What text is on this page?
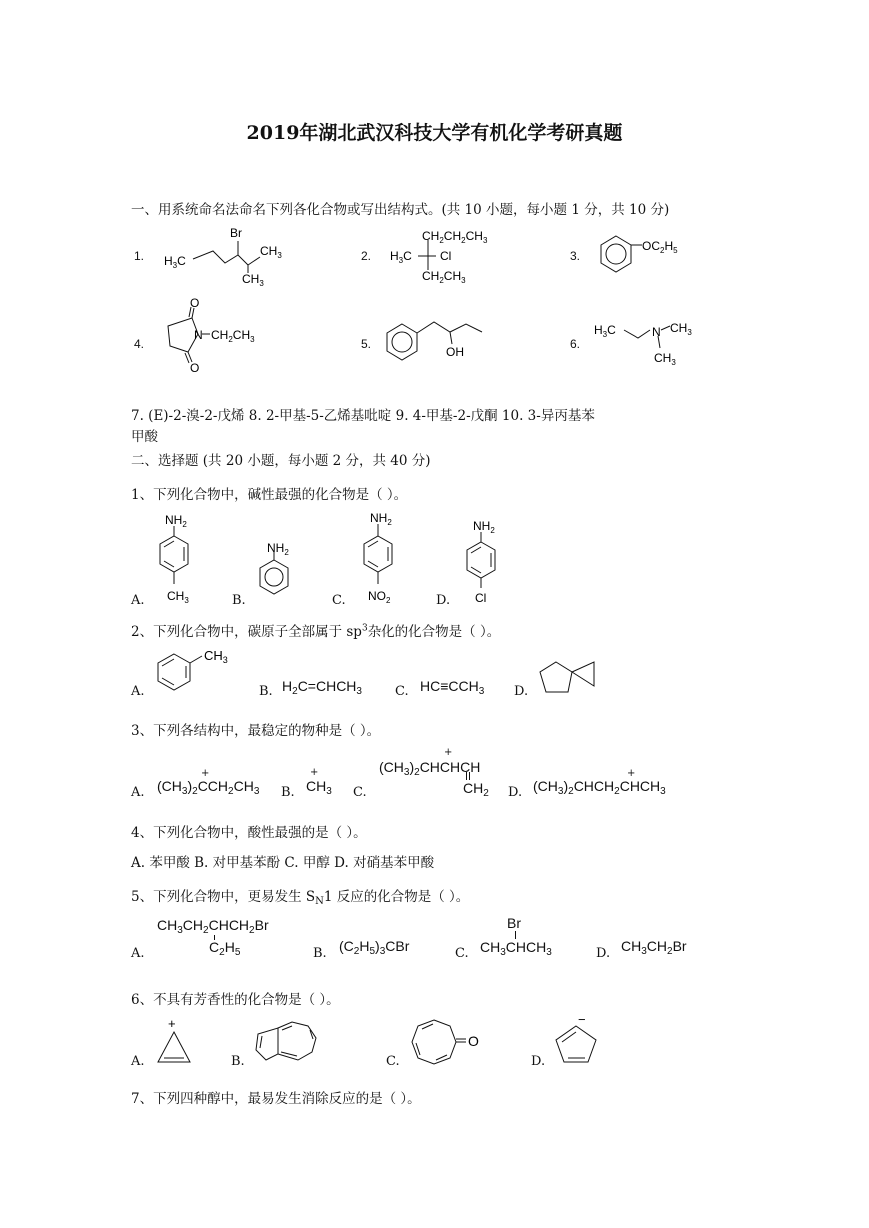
2019年湖北武汉科技大学有机化学考研真题
一、用系统命名法命名下列各化合物或写出结构式。(共 10 小题，每小题 1 分，共 10 分)
1.	2.	3.
4.	5.	6.
Br
$H_3C$
$CH_3$
$CH_3$
$CH_2CH_2CH_3$
$H_3C$ Cl
$CH_2CH_3$
$OC_2H_5$
O
N $CH_2CH_3$
O
OH
$H_3C$	N $CH_3$
$CH_3$
7. (E)-2-溴-2-戊烯 8. 2-甲基-5-乙烯基吡啶 9. 4-甲基-2-戊酮 10. 3-异丙基苯
甲酸
二、选择题 (共 20 小题，每小题 2 分，共 40 分)
1、下列化合物中，碱性最强的化合物是（ ）。
A.	B.	C.	D.
$NH_2$
$CH_3$
$NH_2$
$NH_2$
$NO_2$
$NH_2$
Cl
2、下列化合物中，碳原子全部属于 $sp^3$杂化的化合物是（ ）。
A.	B.	C.	D.
$CH_3$
$H_2C=CHCH_3$	$HC\equiv CCH_3$
3、下列各结构中，最稳定的物种是（ ）。
A.	B.	C.	D.
$(CH_3)_2CCH_2CH_3$
+
$CH_3$
+	$(CH_3)_2CHCHCH$
+
$CH_2$	$(CH_3)_2CHCH_2CHCH_3$
+
4、下列化合物中，酸性最强的是（ ）。
A. 苯甲酸 B. 对甲基苯酚 C. 甲醇 D. 对硝基苯甲酸
5、下列化合物中，更易发生 $S_N1$ 反应的化合物是（ ）。
A.	B.	C.	D.
$CH_3CH_2CHCH_2Br$
$C_2H_5$	$(C_2H_5)_3CBr$
Br
$CH_3CHCH_3$	$CH_3CH_2Br$
6、不具有芳香性的化合物是（ ）。
A.	B.	C.	D.
+
O
−
7、下列四种醇中，最易发生消除反应的是（ ）。
